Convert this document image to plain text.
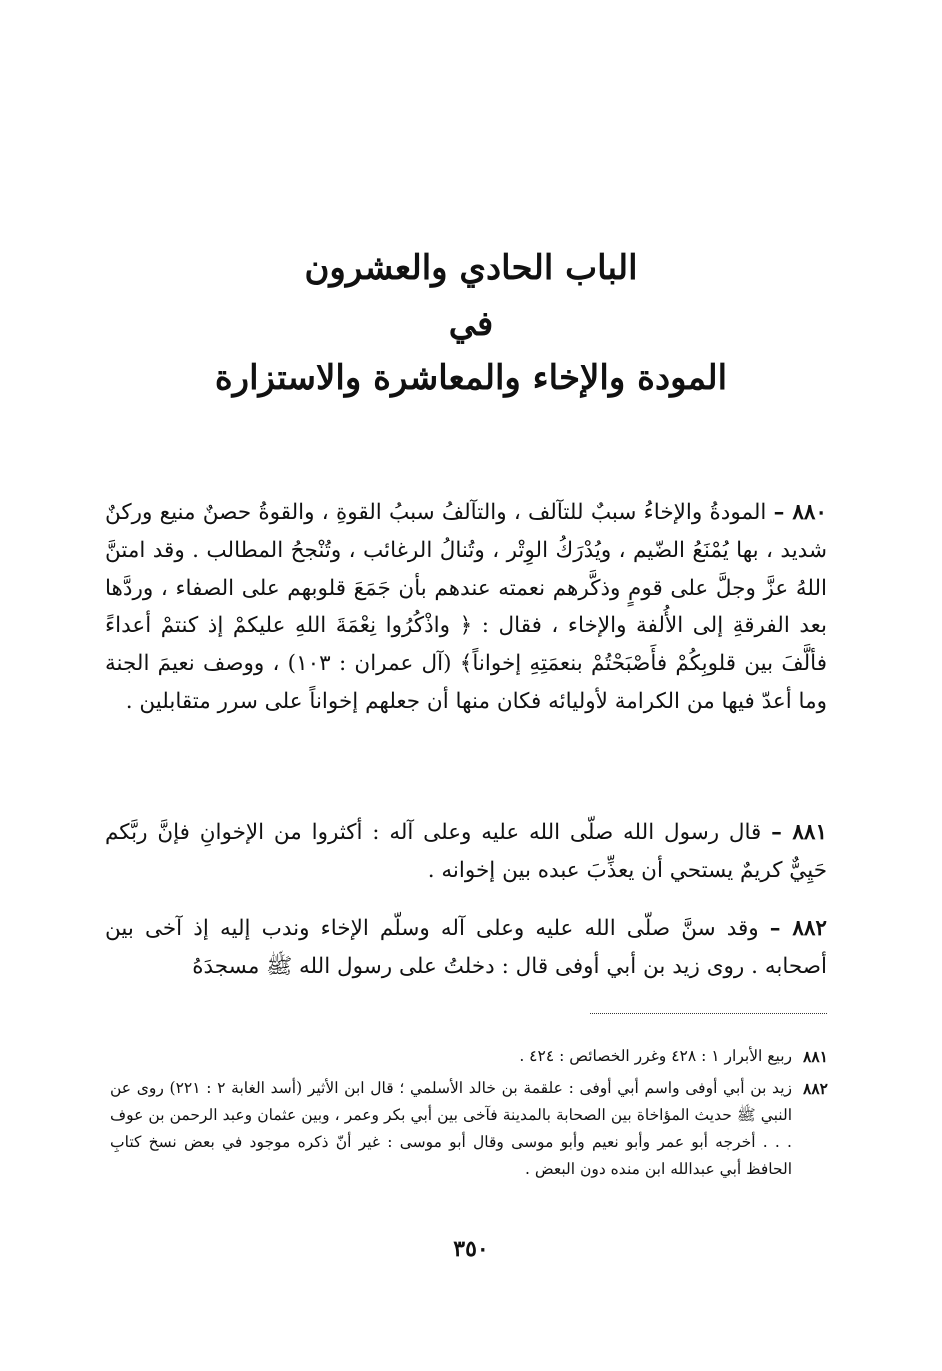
الباب الحادي والعشرون
في
المودة والإخاء والمعاشرة والاستزارة

٨٨٠ – المودةُ والإخاءُ سببٌ للتآلف ، والتآلفُ سببُ القوةِ ، والقوةُ حصنٌ منيع وركنٌ شديد ، بها يُمْنَعُ الضّيم ، ويُدْرَكُ الوِتْر ، وتُنالُ الرغائب ، وتُنْجحُ المطالب . وقد امتنَّ اللهُ عزَّ وجلَّ على قومٍ وذكَّرهم نعمته عندهم بأن جَمَعَ قلوبهم على الصفاء ، وردَّها بعد الفرقةِ إلى الأُلفة والإخاء ، فقال : ﴿ واذْكُرُوا نِعْمَةَ اللهِ عليكمْ إذ كنتمْ أعداءً فألَّفَ بين قلوبِكُمْ فأَصْبَحْتُمْ بنعمَتِهِ إخواناً﴾ (آل عمران : ١٠٣) ، ووصف نعيمَ الجنة وما أعدّ فيها من الكرامة لأوليائه فكان منها أن جعلهم إخواناً على سرر متقابلين .

٨٨١ – قال رسول الله صلّى الله عليه وعلى آله : أكثروا من الإخوانِ فإنَّ ربَّكم حَيِيٌّ كريمٌ يستحي أن يعذِّبَ عبده بين إخوانه .

٨٨٢ – وقد سنَّ صلّى الله عليه وعلى آله وسلّم الإخاء وندب إليه إذ آخى بين أصحابه . روى زيد بن أبي أوفى قال : دخلتُ على رسول الله ﷺ مسجدَهُ

٨٨١
ربيع الأبرار ١ : ٤٢٨ وغرر الخصائص : ٤٢٤ .
٨٨٢
زيد بن أبي أوفى واسم أبي أوفى : علقمة بن خالد الأسلمي ؛ قال ابن الأثير (أسد الغابة ٢ : ٢٢١) روى عن النبي ﷺ حديث المؤاخاة بين الصحابة بالمدينة فآخى بين أبي بكر وعمر ، وبين عثمان وعبد الرحمن بن عوف . . . أخرجه أبو عمر وأبو نعيم وأبو موسى وقال أبو موسى : غير أنّ ذكره موجود في بعض نسخ كتابِ الحافظ أبي عبدالله ابن منده دون البعض .
٣٥٠
